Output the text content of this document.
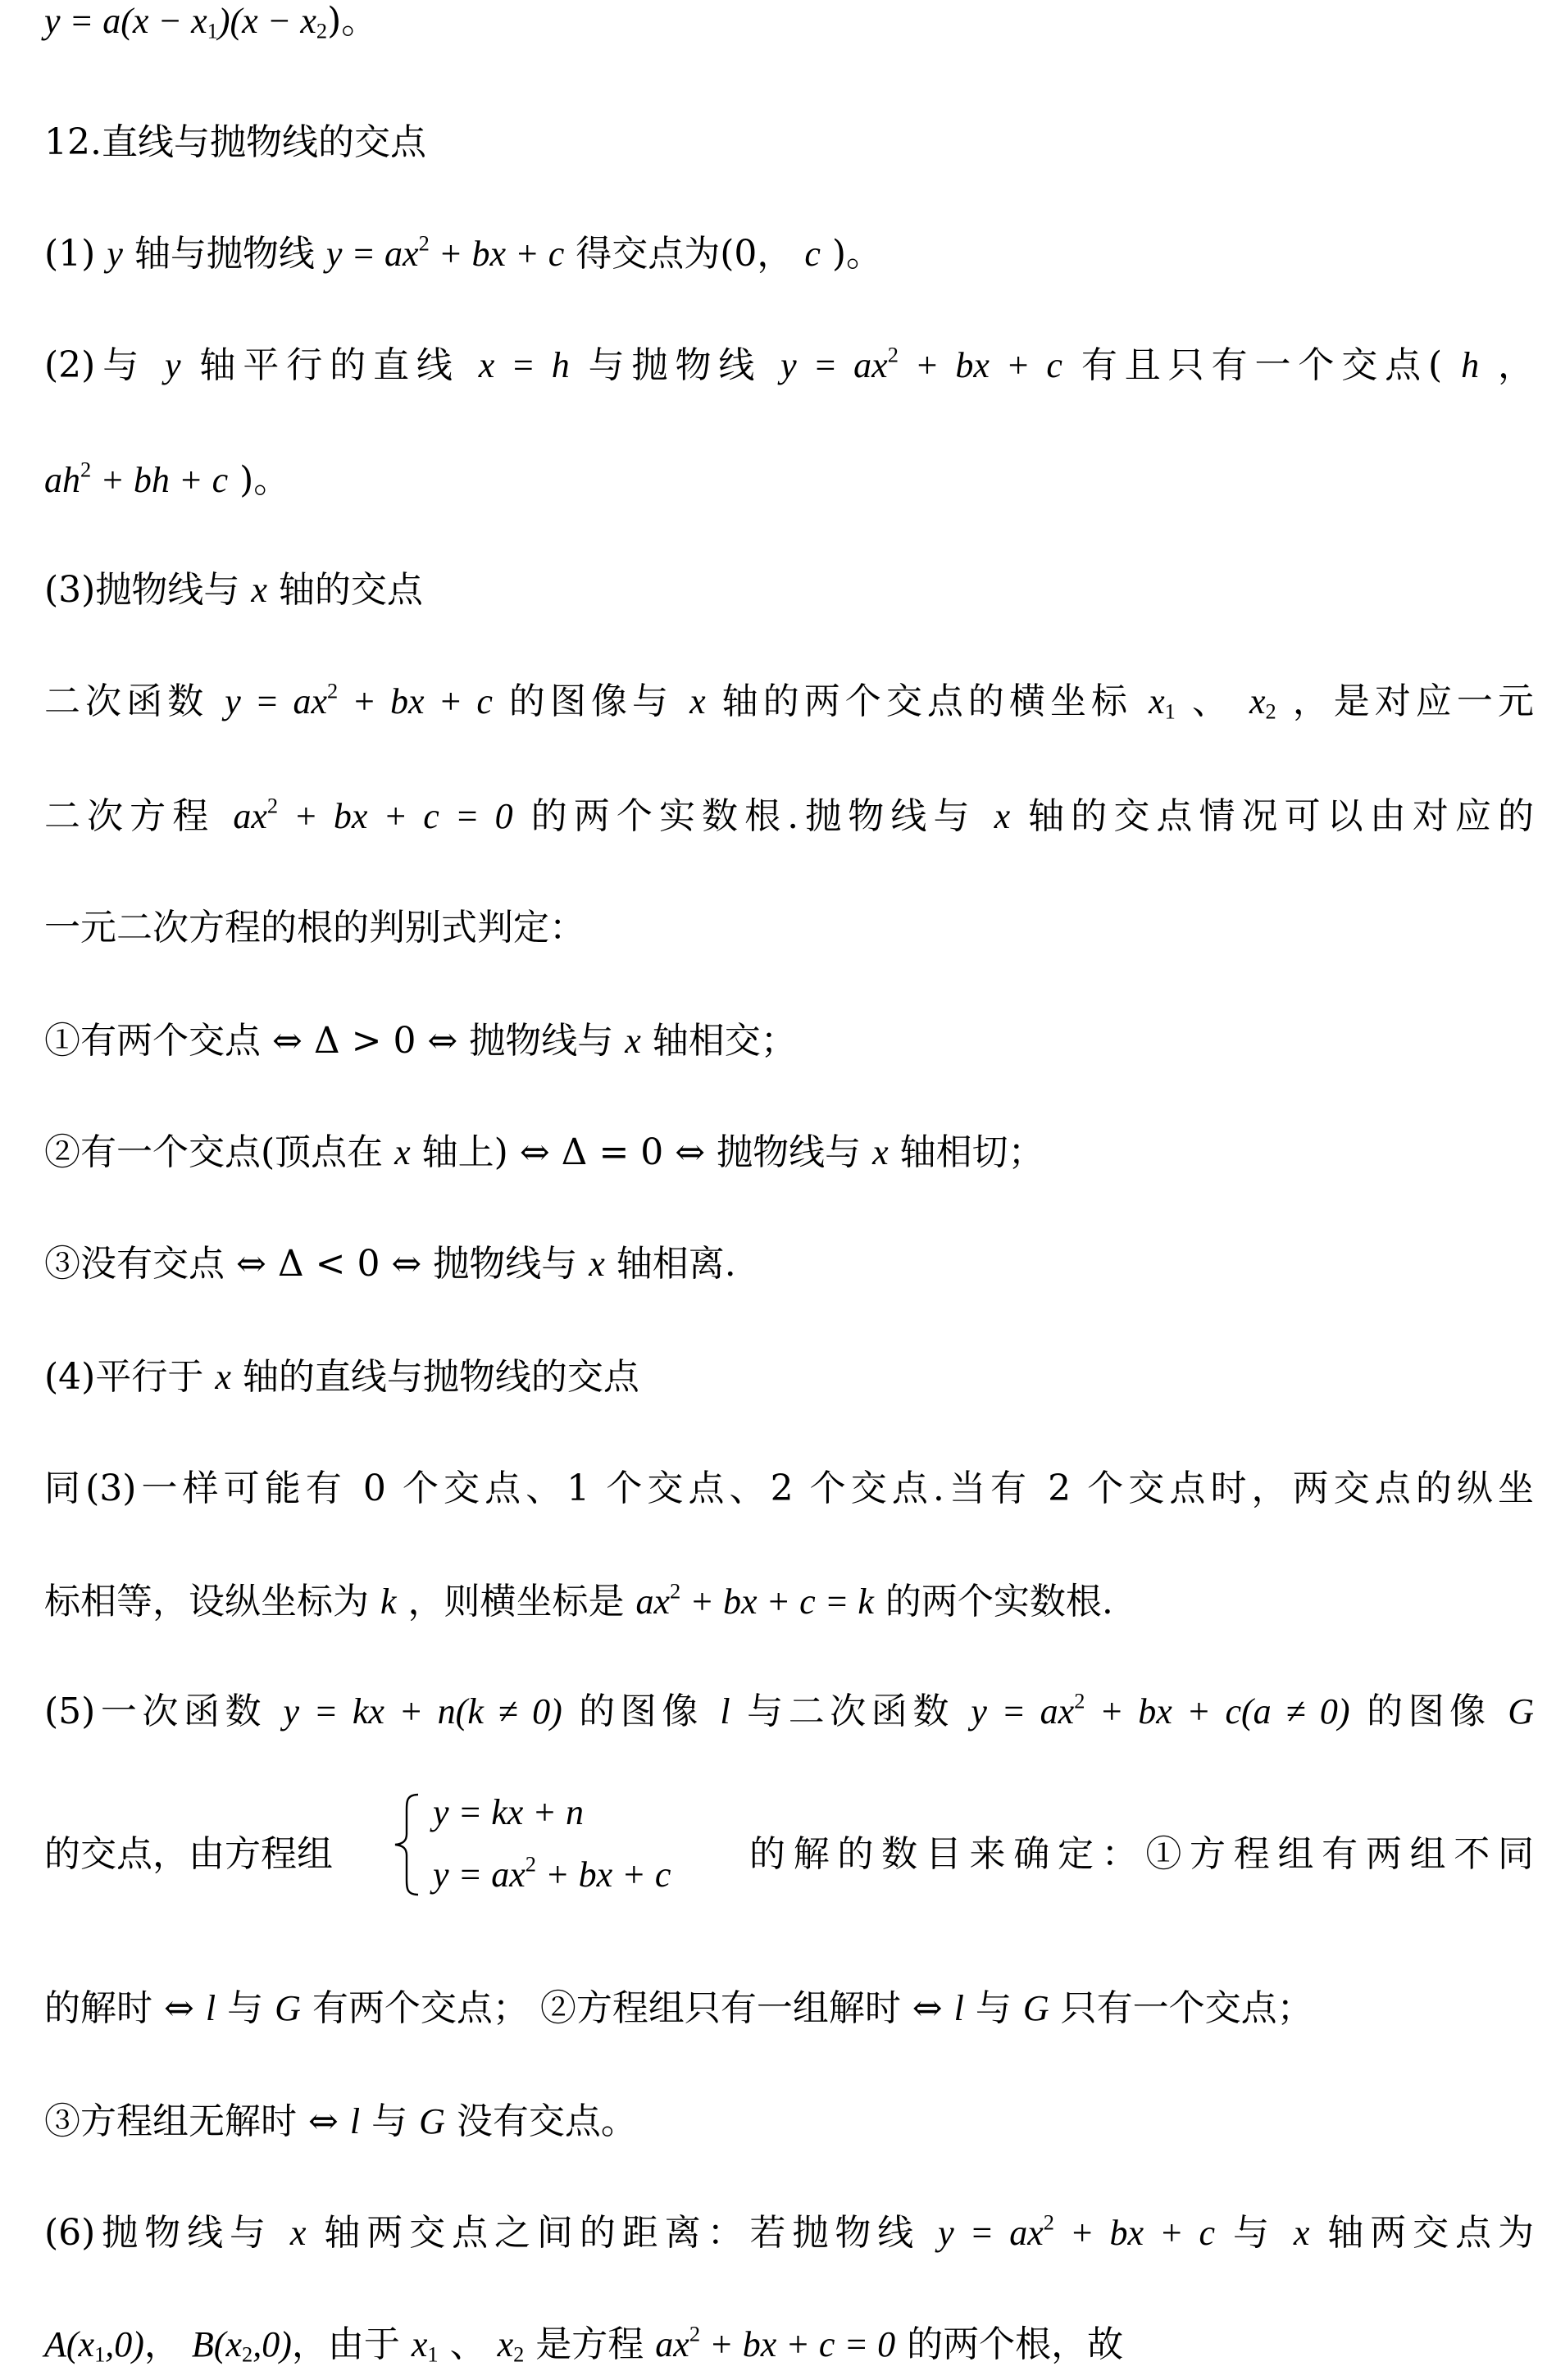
$y = a(x - x_1)(x - x_2)$。
12.直线与抛物线的交点
(1) y 轴与抛物线 $y = ax^2$ + bx + c 得交点为(0， c )。
(2)与 y 轴平行的直线 x = h 与抛物线 $y = ax^2$ + bx + c 有且只有一个交点( h ，
$ah^2$ + bh + c )。
(3)抛物线与 x 轴的交点
二次函数 $y = ax^2$ + bx + c 的图像与 x 轴的两个交点的横坐标 $x_1$ 、 $x_2$ ，是对应一元
二次方程 $ax^2$ + bx + c = 0 的两个实数根.抛物线与 x 轴的交点情况可以由对应的
一元二次方程的根的判别式判定：
①有两个交点 ⇔ Δ > 0 ⇔ 抛物线与 x 轴相交；
②有一个交点(顶点在 x 轴上) ⇔ Δ = 0 ⇔ 抛物线与 x 轴相切；
③没有交点 ⇔ Δ < 0 ⇔ 抛物线与 x 轴相离.
(4)平行于 x 轴的直线与抛物线的交点
同(3)一样可能有 0 个交点、1 个交点、2 个交点.当有 2 个交点时，两交点的纵坐
标相等，设纵坐标为 k ，则横坐标是 $ax^2$ + bx + c = k 的两个实数根.
(5)一次函数 y = kx + n(k ≠ 0) 的图像 l 与二次函数 $y = ax^2$ + bx + c(a ≠ 0) 的图像 G
的交点，由方程组
y = kx + n
$y = ax^2$ + bx + c 的解的数目来确定：①方程组有两组不同
的解时 ⇔ l 与 G 有两个交点； ②方程组只有一组解时 ⇔ l 与 G 只有一个交点；
③方程组无解时 ⇔ l 与 G 没有交点。
(6)抛物线与 x 轴两交点之间的距离：若抛物线 $y = ax^2$ + bx + c 与 x 轴两交点为
$A(x_1,0)$， $B(x_2,0)$，由于 $x_1$ 、 $x_2$ 是方程 $ax^2$ + bx + c = 0 的两个根，故
